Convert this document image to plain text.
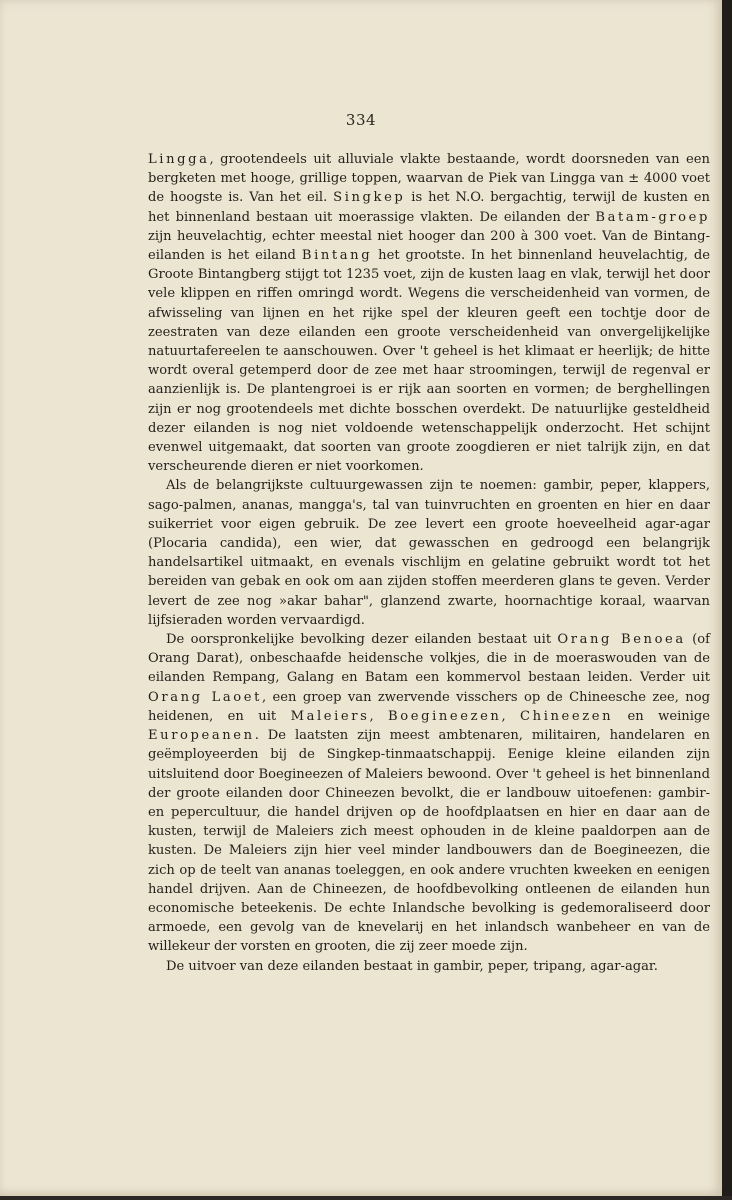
334

Lingga, grootendeels uit alluviale vlakte bestaande, wordt doorsneden van een bergketen met hooge, grillige toppen, waarvan de Piek van Lingga van ± 4000 voet de hoogste is. Van het eil. Singkep is het N.O. bergachtig, terwijl de kusten en het binnenland bestaan uit moerassige vlakten. De eilanden der Batam-groep zijn heuvelachtig, echter meestal niet hooger dan 200 à 300 voet. Van de Bintang-eilanden is het eiland Bintang het grootste. In het binnenland heuvelachtig, de Groote Bintangberg stijgt tot 1235 voet, zijn de kusten laag en vlak, terwijl het door vele klippen en riffen omringd wordt. Wegens die verscheidenheid van vormen, de afwisseling van lijnen en het rijke spel der kleuren geeft een tochtje door de zeestraten van deze eilanden een groote verscheidenheid van onvergelijkelijke natuurtafereelen te aanschouwen. Over 't geheel is het klimaat er heerlijk; de hitte wordt overal getemperd door de zee met haar stroomingen, terwijl de regenval er aanzienlijk is. De plantengroei is er rijk aan soorten en vormen; de berghellingen zijn er nog grootendeels met dichte bosschen overdekt. De natuurlijke gesteldheid dezer eilanden is nog niet voldoende wetenschappelijk onderzocht. Het schijnt evenwel uitgemaakt, dat soorten van groote zoogdieren er niet talrijk zijn, en dat verscheurende dieren er niet voorkomen.

Als de belangrijkste cultuurgewassen zijn te noemen: gambir, peper, klappers, sago-palmen, ananas, mangga's, tal van tuinvruchten en groenten en hier en daar suikerriet voor eigen gebruik. De zee levert een groote hoeveelheid agar-agar (Plocaria candida), een wier, dat gewasschen en gedroogd een belangrijk handelsartikel uitmaakt, en evenals vischlijm en gelatine gebruikt wordt tot het bereiden van gebak en ook om aan zijden stoffen meerderen glans te geven. Verder levert de zee nog »akar bahar", glanzend zwarte, hoornachtige koraal, waarvan lijfsieraden worden vervaardigd.

De oorspronkelijke bevolking dezer eilanden bestaat uit Orang Benoea (of Orang Darat), onbeschaafde heidensche volkjes, die in de moeraswouden van de eilanden Rempang, Galang en Batam een kommervol bestaan leiden. Verder uit Orang Laoet, een groep van zwervende visschers op de Chineesche zee, nog heidenen, en uit Maleiers, Boegineezen, Chineezen en weinige Europeanen. De laatsten zijn meest ambtenaren, militairen, handelaren en geëmployeerden bij de Singkep-tinmaatschappij. Eenige kleine eilanden zijn uitsluitend door Boegineezen of Maleiers bewoond. Over 't geheel is het binnenland der groote eilanden door Chineezen bevolkt, die er landbouw uitoefenen: gambir- en pepercultuur, die handel drijven op de hoofdplaatsen en hier en daar aan de kusten, terwijl de Maleiers zich meest ophouden in de kleine paaldorpen aan de kusten. De Maleiers zijn hier veel minder landbouwers dan de Boegineezen, die zich op de teelt van ananas toeleggen, en ook andere vruchten kweeken en eenigen handel drijven. Aan de Chineezen, de hoofdbevolking ontleenen de eilanden hun economische beteekenis. De echte Inlandsche bevolking is gedemoraliseerd door armoede, een gevolg van de knevelarij en het inlandsch wanbeheer en van de willekeur der vorsten en grooten, die zij zeer moede zijn.

De uitvoer van deze eilanden bestaat in gambir, peper, tripang, agar-agar.
